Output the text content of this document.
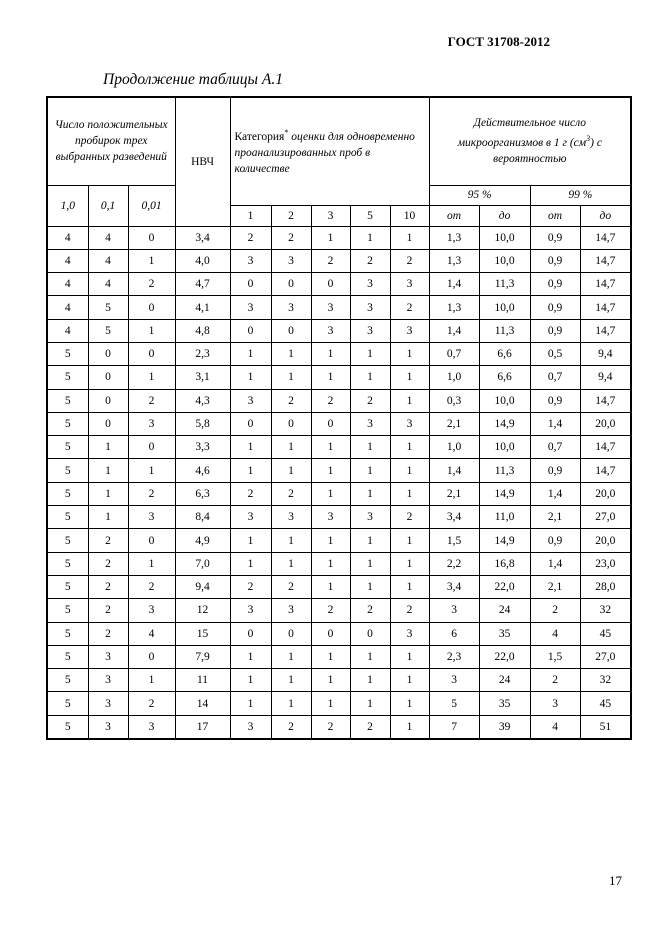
ГОСТ 31708-2012
Продолжение таблицы А.1
Число положительных пробирок трех выбранных разведений			НВЧ	Категория* оценки для одновременно проанализированных проб в количестве					Действительное число микроорганизмов в 1 г $(см^3)$ с вероятностью			
1,0	0,1	0,01							95 %		99 %	
				1	2	3	5	10	от	до	от	до
4	4	0	3,4	2	2	1	1	1	1,3	10,0	0,9	14,7
4	4	1	4,0	3	3	2	2	2	1,3	10,0	0,9	14,7
4	4	2	4,7	0	0	0	3	3	1,4	11,3	0,9	14,7
4	5	0	4,1	3	3	3	3	2	1,3	10,0	0,9	14,7
4	5	1	4,8	0	0	3	3	3	1,4	11,3	0,9	14,7
5	0	0	2,3	1	1	1	1	1	0,7	6,6	0,5	9,4
5	0	1	3,1	1	1	1	1	1	1,0	6,6	0,7	9,4
5	0	2	4,3	3	2	2	2	1	0,3	10,0	0,9	14,7
5	0	3	5,8	0	0	0	3	3	2,1	14,9	1,4	20,0
5	1	0	3,3	1	1	1	1	1	1,0	10,0	0,7	14,7
5	1	1	4,6	1	1	1	1	1	1,4	11,3	0,9	14,7
5	1	2	6,3	2	2	1	1	1	2,1	14,9	1,4	20,0
5	1	3	8,4	3	3	3	3	2	3,4	11,0	2,1	27,0
5	2	0	4,9	1	1	1	1	1	1,5	14,9	0,9	20,0
5	2	1	7,0	1	1	1	1	1	2,2	16,8	1,4	23,0
5	2	2	9,4	2	2	1	1	1	3,4	22,0	2,1	28,0
5	2	3	12	3	3	2	2	2	3	24	2	32
5	2	4	15	0	0	0	0	3	6	35	4	45
5	3	0	7,9	1	1	1	1	1	2,3	22,0	1,5	27,0
5	3	1	11	1	1	1	1	1	3	24	2	32
5	3	2	14	1	1	1	1	1	5	35	3	45
5	3	3	17	3	2	2	2	1	7	39	4	51
17
